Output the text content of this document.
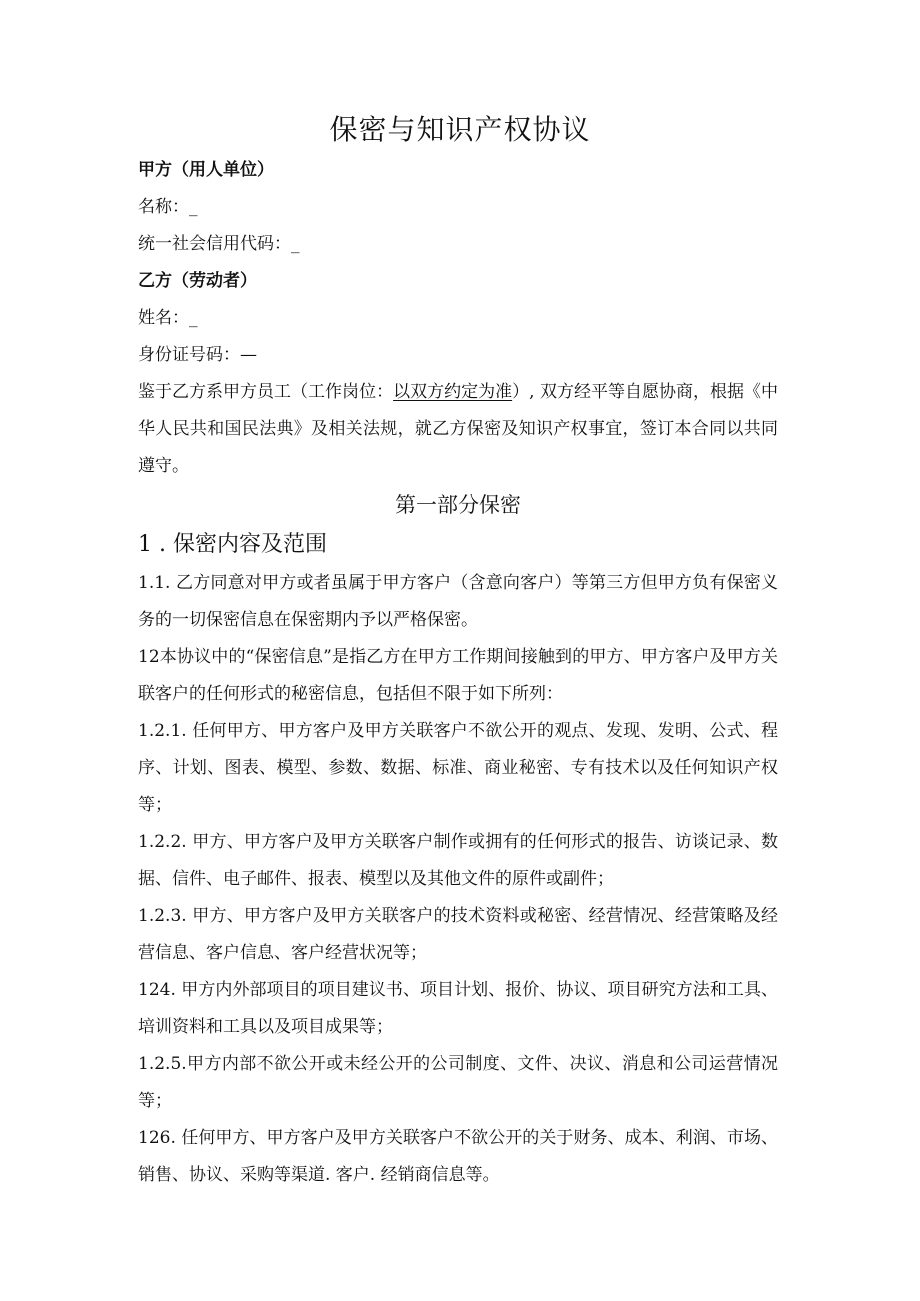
保密与知识产权协议

甲方（用人单位）

名称：_

统一社会信用代码：_

乙方（劳动者）

姓名：_

身份证号码：—

鉴于乙方系甲方员工（工作岗位：以双方约定为准）, 双方经平等自愿协商，根据《中华人民共和国民法典》及相关法规，就乙方保密及知识产权事宜，签订本合同以共同遵守。

第一部分保密

1 . 保密内容及范围

1.1. 乙方同意对甲方或者虽属于甲方客户（含意向客户）等第三方但甲方负有保密义务的一切保密信息在保密期内予以严格保密。

12本协议中的“保密信息”是指乙方在甲方工作期间接触到的甲方、甲方客户及甲方关联客户的任何形式的秘密信息，包括但不限于如下所列：

1.2.1. 任何甲方、甲方客户及甲方关联客户不欲公开的观点、发现、发明、公式、程序、计划、图表、模型、参数、数据、标准、商业秘密、专有技术以及任何知识产权等；

1.2.2. 甲方、甲方客户及甲方关联客户制作或拥有的任何形式的报告、访谈记录、数据、信件、电子邮件、报表、模型以及其他文件的原件或副件；

1.2.3. 甲方、甲方客户及甲方关联客户的技术资料或秘密、经营情况、经营策略及经营信息、客户信息、客户经营状况等；

124. 甲方内外部项目的项目建议书、项目计划、报价、协议、项目研究方法和工具、培训资料和工具以及项目成果等；

1.2.5.甲方内部不欲公开或未经公开的公司制度、文件、决议、消息和公司运营情况等；

126. 任何甲方、甲方客户及甲方关联客户不欲公开的关于财务、成本、利润、市场、销售、协议、采购等渠道. 客户. 经销商信息等。
